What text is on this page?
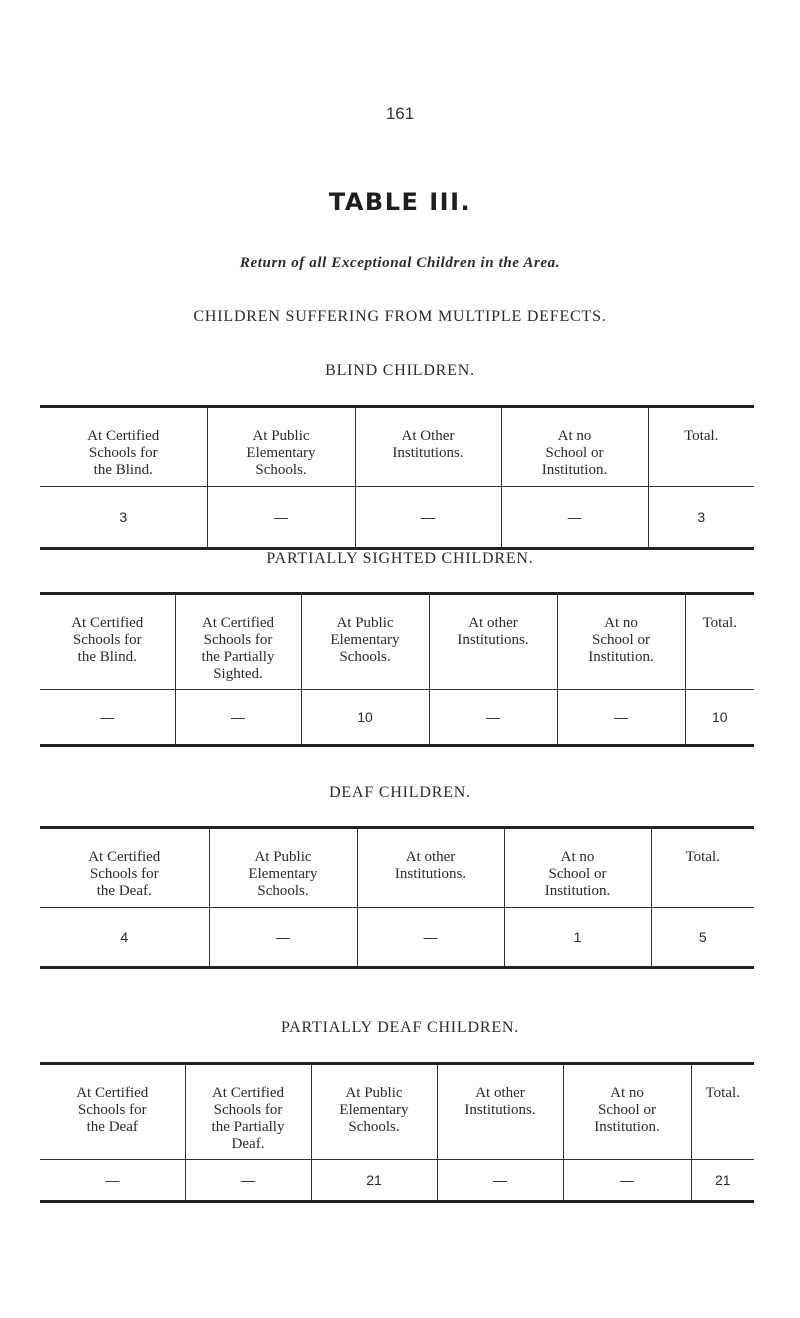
161
TABLE III.
Return of all Exceptional Children in the Area.
CHILDREN SUFFERING FROM MULTIPLE DEFECTS.
BLIND CHILDREN.
At Certified
Schools for
the Blind.	At Public
Elementary
Schools.	At Other
Institutions.	At no
School or
Institution.	Total.
3	—	—	—	3
PARTIALLY SIGHTED CHILDREN.
At Certified
Schools for
the Blind.	At Certified
Schools for
the Partially
Sighted.	At Public
Elementary
Schools.	At other
Institutions.	At no
School or
Institution.	Total.
—	—	10	—	—	10
DEAF CHILDREN.
At Certified
Schools for
the Deaf.	At Public
Elementary
Schools.	At other
Institutions.	At no
School or
Institution.	Total.
4	—	—	1	5
PARTIALLY DEAF CHILDREN.
At Certified
Schools for
the Deaf	At Certified
Schools for
the Partially
Deaf.	At Public
Elementary
Schools.	At other
Institutions.	At no
School or
Institution.	Total.
—	—	21	—	—	21
